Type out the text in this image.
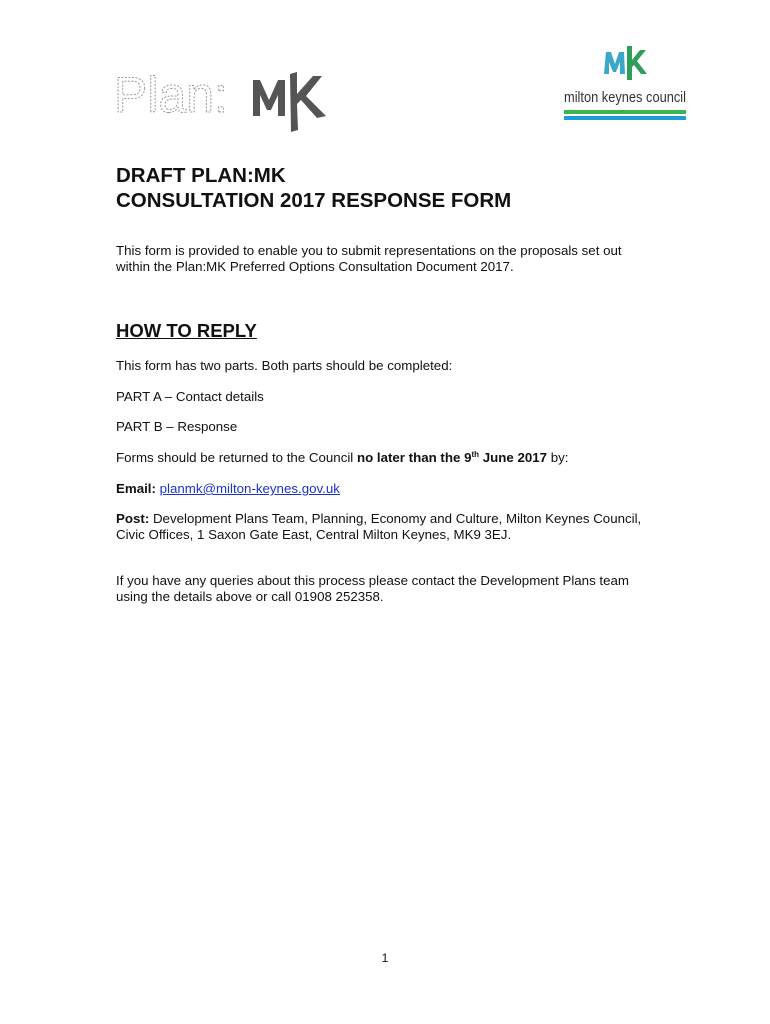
Plan:	milton keynes council
DRAFT PLAN:MK
CONSULTATION 2017 RESPONSE FORM

This form is provided to enable you to submit representations on the proposals set out within the Plan:MK Preferred Options Consultation Document 2017.

HOW TO REPLY

This form has two parts. Both parts should be completed:

PART A – Contact details

PART B – Response

Forms should be returned to the Council no later than the 9th June 2017 by:

Email: planmk@milton-keynes.gov.uk

Post: Development Plans Team, Planning, Economy and Culture, Milton Keynes Council, Civic Offices, 1 Saxon Gate East, Central Milton Keynes, MK9 3EJ.

If you have any queries about this process please contact the Development Plans team using the details above or call 01908 252358.

1
